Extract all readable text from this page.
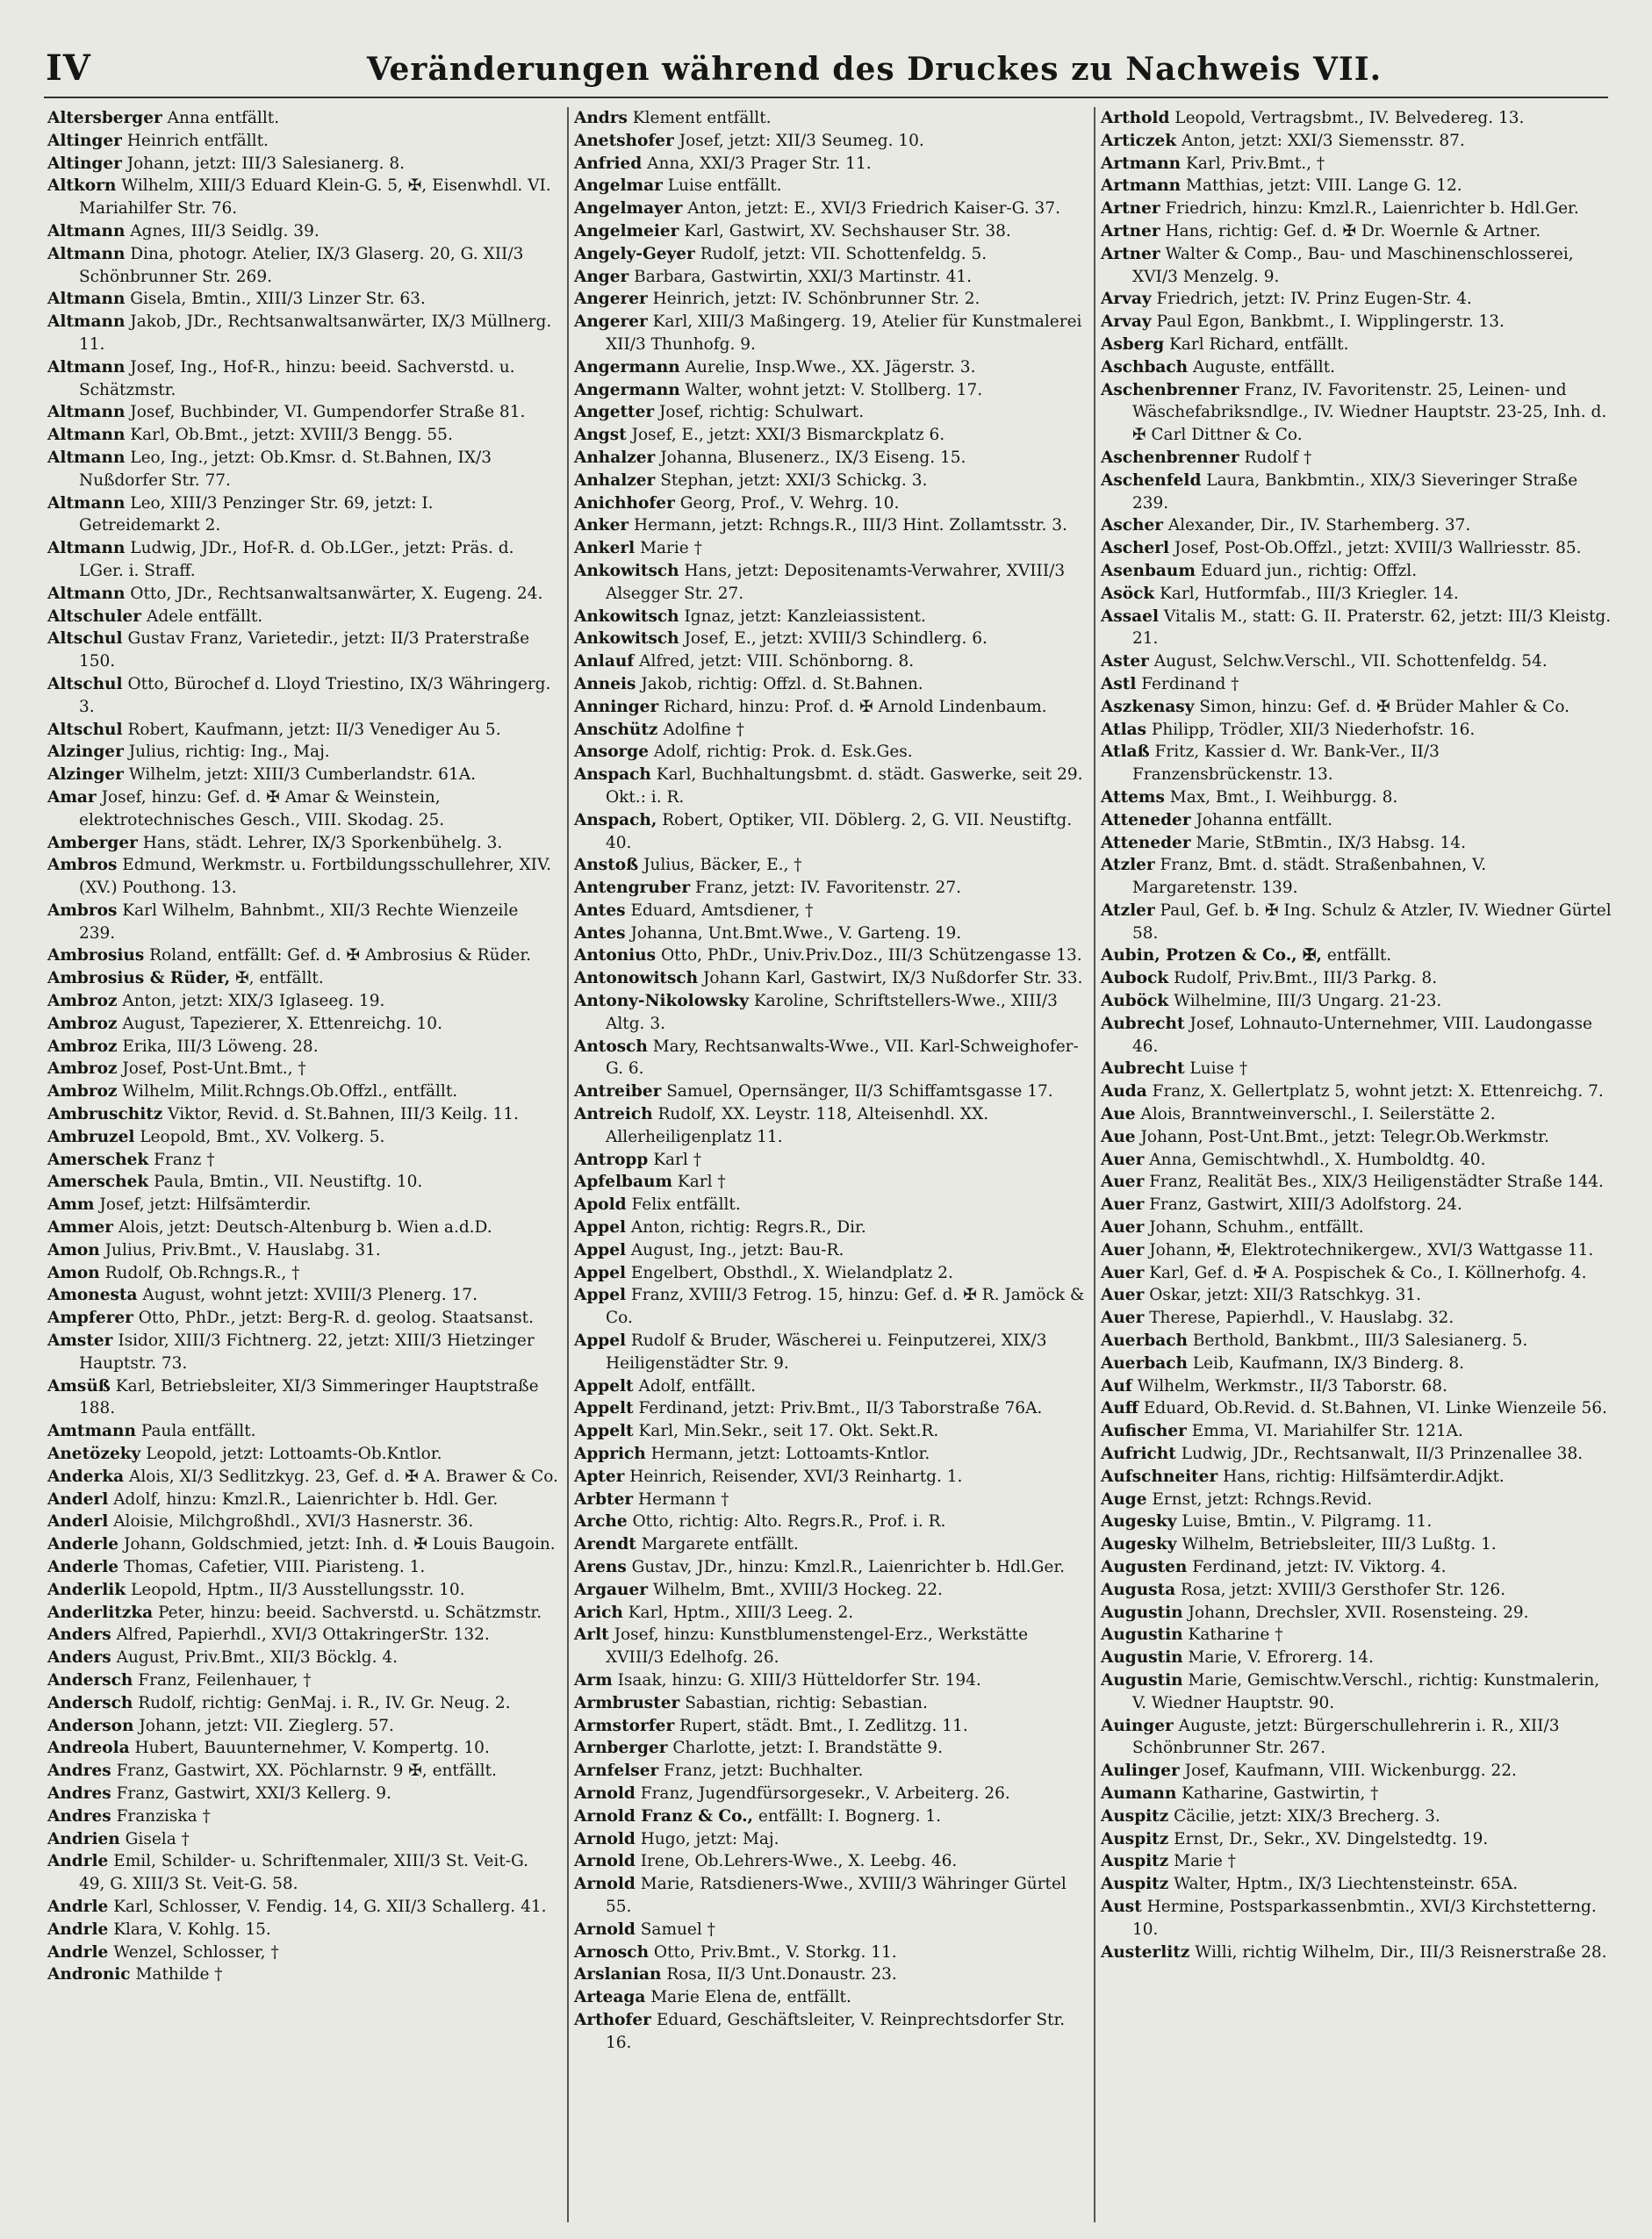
IV	Veränderungen während des Druckes zu Nachweis VII.
Altersberger Anna entfällt.
Altinger Heinrich entfällt.
Altinger Johann, jetzt: III/3 Salesianerg. 8.
Altkorn Wilhelm, XIII/3 Eduard Klein-G. 5, ✠, Eisenwhdl. VI. Mariahilfer Str. 76.
Altmann Agnes, III/3 Seidlg. 39.
Altmann Dina, photogr. Atelier, IX/3 Glaserg. 20, G. XII/3 Schönbrunner Str. 269.
Altmann Gisela, Bmtin., XIII/3 Linzer Str. 63.
Altmann Jakob, JDr., Rechtsanwaltsanwärter, IX/3 Müllnerg. 11.
Altmann Josef, Ing., Hof-R., hinzu: beeid. Sachverstd. u. Schätzmstr.
Altmann Josef, Buchbinder, VI. Gumpendorfer Straße 81.
Altmann Karl, Ob.Bmt., jetzt: XVIII/3 Bengg. 55.
Altmann Leo, Ing., jetzt: Ob.Kmsr. d. St.Bahnen, IX/3 Nußdorfer Str. 77.
Altmann Leo, XIII/3 Penzinger Str. 69, jetzt: I. Getreidemarkt 2.
Altmann Ludwig, JDr., Hof-R. d. Ob.LGer., jetzt: Präs. d. LGer. i. Straff.
Altmann Otto, JDr., Rechtsanwaltsanwärter, X. Eugeng. 24.
Altschuler Adele entfällt.
Altschul Gustav Franz, Varietedir., jetzt: II/3 Praterstraße 150.
Altschul Otto, Bürochef d. Lloyd Triestino, IX/3 Währingerg. 3.
Altschul Robert, Kaufmann, jetzt: II/3 Venediger Au 5.
Alzinger Julius, richtig: Ing., Maj.
Alzinger Wilhelm, jetzt: XIII/3 Cumberlandstr. 61A.
Amar Josef, hinzu: Gef. d. ✠ Amar & Weinstein, elektrotechnisches Gesch., VIII. Skodag. 25.
Amberger Hans, städt. Lehrer, IX/3 Sporkenbühelg. 3.
Ambros Edmund, Werkmstr. u. Fortbildungsschullehrer, XIV. (XV.) Pouthong. 13.
Ambros Karl Wilhelm, Bahnbmt., XII/3 Rechte Wienzeile 239.
Ambrosius Roland, entfällt: Gef. d. ✠ Ambrosius & Rüder.
Ambrosius & Rüder, ✠, entfällt.
Ambroz Anton, jetzt: XIX/3 Iglaseeg. 19.
Ambroz August, Tapezierer, X. Ettenreichg. 10.
Ambroz Erika, III/3 Löweng. 28.
Ambroz Josef, Post-Unt.Bmt., †
Ambroz Wilhelm, Milit.Rchngs.Ob.Offzl., entfällt.
Ambruschitz Viktor, Revid. d. St.Bahnen, III/3 Keilg. 11.
Ambruzel Leopold, Bmt., XV. Volkerg. 5.
Amerschek Franz †
Amerschek Paula, Bmtin., VII. Neustiftg. 10.
Amm Josef, jetzt: Hilfsämterdir.
Ammer Alois, jetzt: Deutsch-Altenburg b. Wien a.d.D.
Amon Julius, Priv.Bmt., V. Hauslabg. 31.
Amon Rudolf, Ob.Rchngs.R., †
Amonesta August, wohnt jetzt: XVIII/3 Plenerg. 17.
Ampferer Otto, PhDr., jetzt: Berg-R. d. geolog. Staatsanst.
Amster Isidor, XIII/3 Fichtnerg. 22, jetzt: XIII/3 Hietzinger Hauptstr. 73.
Amsüß Karl, Betriebsleiter, XI/3 Simmeringer Hauptstraße 188.
Amtmann Paula entfällt.
Anetözeky Leopold, jetzt: Lottoamts-Ob.Kntlor.
Anderka Alois, XI/3 Sedlitzkyg. 23, Gef. d. ✠ A. Brawer & Co.
Anderl Adolf, hinzu: Kmzl.R., Laienrichter b. Hdl. Ger.
Anderl Aloisie, Milchgroßhdl., XVI/3 Hasnerstr. 36.
Anderle Johann, Goldschmied, jetzt: Inh. d. ✠ Louis Baugoin.
Anderle Thomas, Cafetier, VIII. Piaristeng. 1.
Anderlik Leopold, Hptm., II/3 Ausstellungsstr. 10.
Anderlitzka Peter, hinzu: beeid. Sachverstd. u. Schätzmstr.
Anders Alfred, Papierhdl., XVI/3 OttakringerStr. 132.
Anders August, Priv.Bmt., XII/3 Böcklg. 4.
Andersch Franz, Feilenhauer, †
Andersch Rudolf, richtig: GenMaj. i. R., IV. Gr. Neug. 2.
Anderson Johann, jetzt: VII. Zieglerg. 57.
Andreola Hubert, Bauunternehmer, V. Kompertg. 10.
Andres Franz, Gastwirt, XX. Pöchlarnstr. 9 ✠, entfällt.
Andres Franz, Gastwirt, XXI/3 Kellerg. 9.
Andres Franziska †
Andrien Gisela †
Andrle Emil, Schilder- u. Schriftenmaler, XIII/3 St. Veit-G. 49, G. XIII/3 St. Veit-G. 58.
Andrle Karl, Schlosser, V. Fendig. 14, G. XII/3 Schallerg. 41.
Andrle Klara, V. Kohlg. 15.
Andrle Wenzel, Schlosser, †
Andronic Mathilde †
Andrs Klement entfällt.
Anetshofer Josef, jetzt: XII/3 Seumeg. 10.
Anfried Anna, XXI/3 Prager Str. 11.
Angelmar Luise entfällt.
Angelmayer Anton, jetzt: E., XVI/3 Friedrich Kaiser-G. 37.
Angelmeier Karl, Gastwirt, XV. Sechshauser Str. 38.
Angely-Geyer Rudolf, jetzt: VII. Schottenfeldg. 5.
Anger Barbara, Gastwirtin, XXI/3 Martinstr. 41.
Angerer Heinrich, jetzt: IV. Schönbrunner Str. 2.
Angerer Karl, XIII/3 Maßingerg. 19, Atelier für Kunstmalerei XII/3 Thunhofg. 9.
Angermann Aurelie, Insp.Wwe., XX. Jägerstr. 3.
Angermann Walter, wohnt jetzt: V. Stollberg. 17.
Angetter Josef, richtig: Schulwart.
Angst Josef, E., jetzt: XXI/3 Bismarckplatz 6.
Anhalzer Johanna, Blusenerz., IX/3 Eiseng. 15.
Anhalzer Stephan, jetzt: XXI/3 Schickg. 3.
Anichhofer Georg, Prof., V. Wehrg. 10.
Anker Hermann, jetzt: Rchngs.R., III/3 Hint. Zollamtsstr. 3.
Ankerl Marie †
Ankowitsch Hans, jetzt: Depositenamts-Verwahrer, XVIII/3 Alsegger Str. 27.
Ankowitsch Ignaz, jetzt: Kanzleiassistent.
Ankowitsch Josef, E., jetzt: XVIII/3 Schindlerg. 6.
Anlauf Alfred, jetzt: VIII. Schönborng. 8.
Anneis Jakob, richtig: Offzl. d. St.Bahnen.
Anninger Richard, hinzu: Prof. d. ✠ Arnold Lindenbaum.
Anschütz Adolfine †
Ansorge Adolf, richtig: Prok. d. Esk.Ges.
Anspach Karl, Buchhaltungsbmt. d. städt. Gaswerke, seit 29. Okt.: i. R.
Anspach, Robert, Optiker, VII. Döblerg. 2, G. VII. Neustiftg. 40.
Anstoß Julius, Bäcker, E., †
Antengruber Franz, jetzt: IV. Favoritenstr. 27.
Antes Eduard, Amtsdiener, †
Antes Johanna, Unt.Bmt.Wwe., V. Garteng. 19.
Antonius Otto, PhDr., Univ.Priv.Doz., III/3 Schützengasse 13.
Antonowitsch Johann Karl, Gastwirt, IX/3 Nußdorfer Str. 33.
Antony-Nikolowsky Karoline, Schriftstellers-Wwe., XIII/3 Altg. 3.
Antosch Mary, Rechtsanwalts-Wwe., VII. Karl-Schweighofer-G. 6.
Antreiber Samuel, Opernsänger, II/3 Schiffamtsgasse 17.
Antreich Rudolf, XX. Leystr. 118, Alteisenhdl. XX. Allerheiligenplatz 11.
Antropp Karl †
Apfelbaum Karl †
Apold Felix entfällt.
Appel Anton, richtig: Regrs.R., Dir.
Appel August, Ing., jetzt: Bau-R.
Appel Engelbert, Obsthdl., X. Wielandplatz 2.
Appel Franz, XVIII/3 Fetrog. 15, hinzu: Gef. d. ✠ R. Jamöck & Co.
Appel Rudolf & Bruder, Wäscherei u. Feinputzerei, XIX/3 Heiligenstädter Str. 9.
Appelt Adolf, entfällt.
Appelt Ferdinand, jetzt: Priv.Bmt., II/3 Taborstraße 76A.
Appelt Karl, Min.Sekr., seit 17. Okt. Sekt.R.
Apprich Hermann, jetzt: Lottoamts-Kntlor.
Apter Heinrich, Reisender, XVI/3 Reinhartg. 1.
Arbter Hermann †
Arche Otto, richtig: Alto. Regrs.R., Prof. i. R.
Arendt Margarete entfällt.
Arens Gustav, JDr., hinzu: Kmzl.R., Laienrichter b. Hdl.Ger.
Argauer Wilhelm, Bmt., XVIII/3 Hockeg. 22.
Arich Karl, Hptm., XIII/3 Leeg. 2.
Arlt Josef, hinzu: Kunstblumenstengel-Erz., Werkstätte XVIII/3 Edelhofg. 26.
Arm Isaak, hinzu: G. XIII/3 Hütteldorfer Str. 194.
Armbruster Sabastian, richtig: Sebastian.
Armstorfer Rupert, städt. Bmt., I. Zedlitzg. 11.
Arnberger Charlotte, jetzt: I. Brandstätte 9.
Arnfelser Franz, jetzt: Buchhalter.
Arnold Franz, Jugendfürsorgesekr., V. Arbeiterg. 26.
Arnold Franz & Co., entfällt: I. Bognerg. 1.
Arnold Hugo, jetzt: Maj.
Arnold Irene, Ob.Lehrers-Wwe., X. Leebg. 46.
Arnold Marie, Ratsdieners-Wwe., XVIII/3 Währinger Gürtel 55.
Arnold Samuel †
Arnosch Otto, Priv.Bmt., V. Storkg. 11.
Arslanian Rosa, II/3 Unt.Donaustr. 23.
Arteaga Marie Elena de, entfällt.
Arthofer Eduard, Geschäftsleiter, V. Reinprechtsdorfer Str. 16.
Arthold Leopold, Vertragsbmt., IV. Belvedereg. 13.
Articzek Anton, jetzt: XXI/3 Siemensstr. 87.
Artmann Karl, Priv.Bmt., †
Artmann Matthias, jetzt: VIII. Lange G. 12.
Artner Friedrich, hinzu: Kmzl.R., Laienrichter b. Hdl.Ger.
Artner Hans, richtig: Gef. d. ✠ Dr. Woernle & Artner.
Artner Walter & Comp., Bau- und Maschinenschlosserei, XVI/3 Menzelg. 9.
Arvay Friedrich, jetzt: IV. Prinz Eugen-Str. 4.
Arvay Paul Egon, Bankbmt., I. Wipplingerstr. 13.
Asberg Karl Richard, entfällt.
Aschbach Auguste, entfällt.
Aschenbrenner Franz, IV. Favoritenstr. 25, Leinen- und Wäschefabriksndlge., IV. Wiedner Hauptstr. 23-25, Inh. d. ✠ Carl Dittner & Co.
Aschenbrenner Rudolf †
Aschenfeld Laura, Bankbmtin., XIX/3 Sieveringer Straße 239.
Ascher Alexander, Dir., IV. Starhemberg. 37.
Ascherl Josef, Post-Ob.Offzl., jetzt: XVIII/3 Wallriesstr. 85.
Asenbaum Eduard jun., richtig: Offzl.
Asöck Karl, Hutformfab., III/3 Kriegler. 14.
Assael Vitalis M., statt: G. II. Praterstr. 62, jetzt: III/3 Kleistg. 21.
Aster August, Selchw.Verschl., VII. Schottenfeldg. 54.
Astl Ferdinand †
Aszkenasy Simon, hinzu: Gef. d. ✠ Brüder Mahler & Co.
Atlas Philipp, Trödler, XII/3 Niederhofstr. 16.
Atlaß Fritz, Kassier d. Wr. Bank-Ver., II/3 Franzensbrückenstr. 13.
Attems Max, Bmt., I. Weihburgg. 8.
Atteneder Johanna entfällt.
Atteneder Marie, StBmtin., IX/3 Habsg. 14.
Atzler Franz, Bmt. d. städt. Straßenbahnen, V. Margaretenstr. 139.
Atzler Paul, Gef. b. ✠ Ing. Schulz & Atzler, IV. Wiedner Gürtel 58.
Aubin, Protzen & Co., ✠, entfällt.
Aubock Rudolf, Priv.Bmt., III/3 Parkg. 8.
Auböck Wilhelmine, III/3 Ungarg. 21-23.
Aubrecht Josef, Lohnauto-Unternehmer, VIII. Laudongasse 46.
Aubrecht Luise †
Auda Franz, X. Gellertplatz 5, wohnt jetzt: X. Ettenreichg. 7.
Aue Alois, Branntweinverschl., I. Seilerstätte 2.
Aue Johann, Post-Unt.Bmt., jetzt: Telegr.Ob.Werkmstr.
Auer Anna, Gemischtwhdl., X. Humboldtg. 40.
Auer Franz, Realität Bes., XIX/3 Heiligenstädter Straße 144.
Auer Franz, Gastwirt, XIII/3 Adolfstorg. 24.
Auer Johann, Schuhm., entfällt.
Auer Johann, ✠, Elektrotechnikergew., XVI/3 Wattgasse 11.
Auer Karl, Gef. d. ✠ A. Pospischek & Co., I. Köllnerhofg. 4.
Auer Oskar, jetzt: XII/3 Ratschkyg. 31.
Auer Therese, Papierhdl., V. Hauslabg. 32.
Auerbach Berthold, Bankbmt., III/3 Salesianerg. 5.
Auerbach Leib, Kaufmann, IX/3 Binderg. 8.
Auf Wilhelm, Werkmstr., II/3 Taborstr. 68.
Auff Eduard, Ob.Revid. d. St.Bahnen, VI. Linke Wienzeile 56.
Aufischer Emma, VI. Mariahilfer Str. 121A.
Aufricht Ludwig, JDr., Rechtsanwalt, II/3 Prinzenallee 38.
Aufschneiter Hans, richtig: Hilfsämterdir.Adjkt.
Auge Ernst, jetzt: Rchngs.Revid.
Augesky Luise, Bmtin., V. Pilgramg. 11.
Augesky Wilhelm, Betriebsleiter, III/3 Lußtg. 1.
Augusten Ferdinand, jetzt: IV. Viktorg. 4.
Augusta Rosa, jetzt: XVIII/3 Gersthofer Str. 126.
Augustin Johann, Drechsler, XVII. Rosensteing. 29.
Augustin Katharine †
Augustin Marie, V. Efrorerg. 14.
Augustin Marie, Gemischtw.Verschl., richtig: Kunstmalerin, V. Wiedner Hauptstr. 90.
Auinger Auguste, jetzt: Bürgerschullehrerin i. R., XII/3 Schönbrunner Str. 267.
Aulinger Josef, Kaufmann, VIII. Wickenburgg. 22.
Aumann Katharine, Gastwirtin, †
Auspitz Cäcilie, jetzt: XIX/3 Brecherg. 3.
Auspitz Ernst, Dr., Sekr., XV. Dingelstedtg. 19.
Auspitz Marie †
Auspitz Walter, Hptm., IX/3 Liechtensteinstr. 65A.
Aust Hermine, Postsparkassenbmtin., XVI/3 Kirchstetterng. 10.
Austerlitz Willi, richtig Wilhelm, Dir., III/3 Reisnerstraße 28.
